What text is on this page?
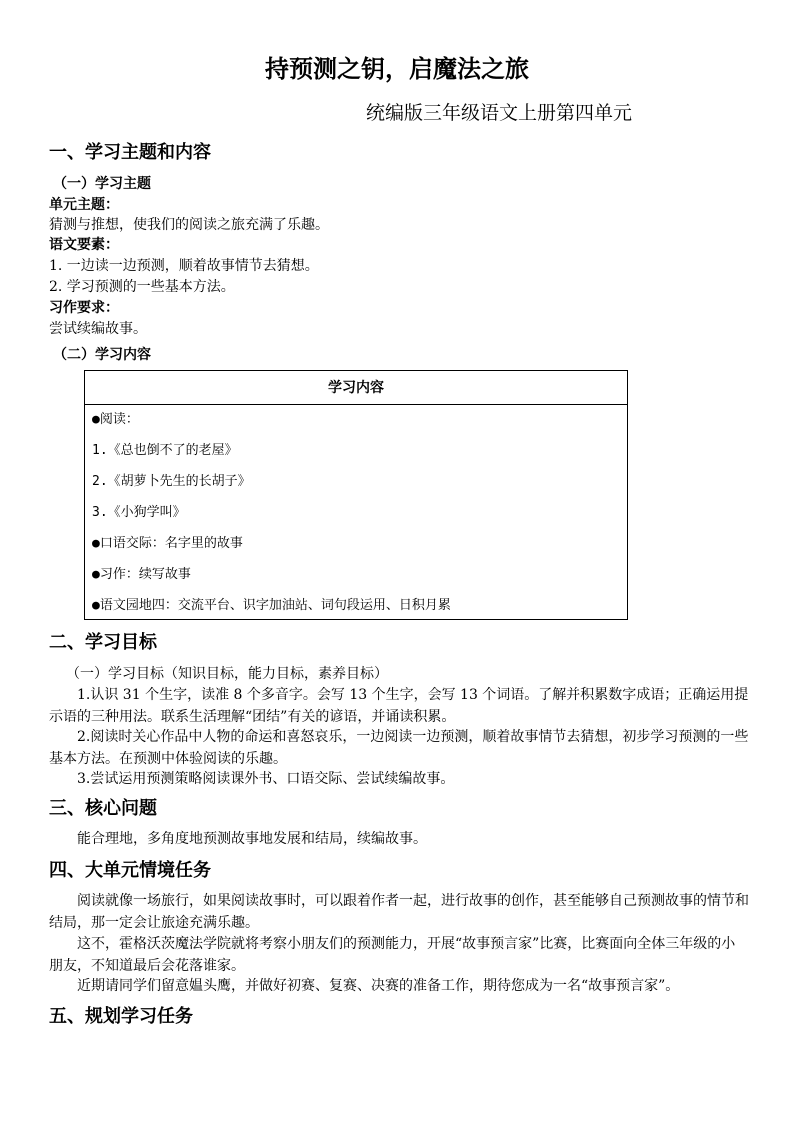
持预测之钥，启魔法之旅
统编版三年级语文上册第四单元
一、学习主题和内容
（一）学习主题
单元主题：
猜测与推想，使我们的阅读之旅充满了乐趣。
语文要素：
1. 一边读一边预测，顺着故事情节去猜想。
2. 学习预测的一些基本方法。
习作要求：
尝试续编故事。
（二）学习内容
学习内容
●阅读：
1.《总也倒不了的老屋》
2.《胡萝卜先生的长胡子》
3.《小狗学叫》
●口语交际：名字里的故事
●习作：续写故事
●语文园地四：交流平台、识字加油站、词句段运用、日积月累
二、学习目标
（一）学习目标（知识目标，能力目标，素养目标）
1.认识 31 个生字，读准 8 个多音字。会写 13 个生字，会写 13 个词语。了解并积累数字成语；正确运用提示语的三种用法。联系生活理解“团结”有关的谚语，并诵读积累。
2.阅读时关心作品中人物的命运和喜怒哀乐，一边阅读一边预测，顺着故事情节去猜想，初步学习预测的一些基本方法。在预测中体验阅读的乐趣。
3.尝试运用预测策略阅读课外书、口语交际、尝试续编故事。
三、核心问题
能合理地，多角度地预测故事地发展和结局，续编故事。
四、大单元情境任务
阅读就像一场旅行，如果阅读故事时，可以跟着作者一起，进行故事的创作，甚至能够自己预测故事的情节和结局，那一定会让旅途充满乐趣。
这不，霍格沃茨魔法学院就将考察小朋友们的预测能力，开展“故事预言家”比赛，比赛面向全体三年级的小朋友，不知道最后会花落谁家。
近期请同学们留意媪头鹰，并做好初赛、复赛、决赛的准备工作，期待您成为一名“故事预言家”。
五、规划学习任务
